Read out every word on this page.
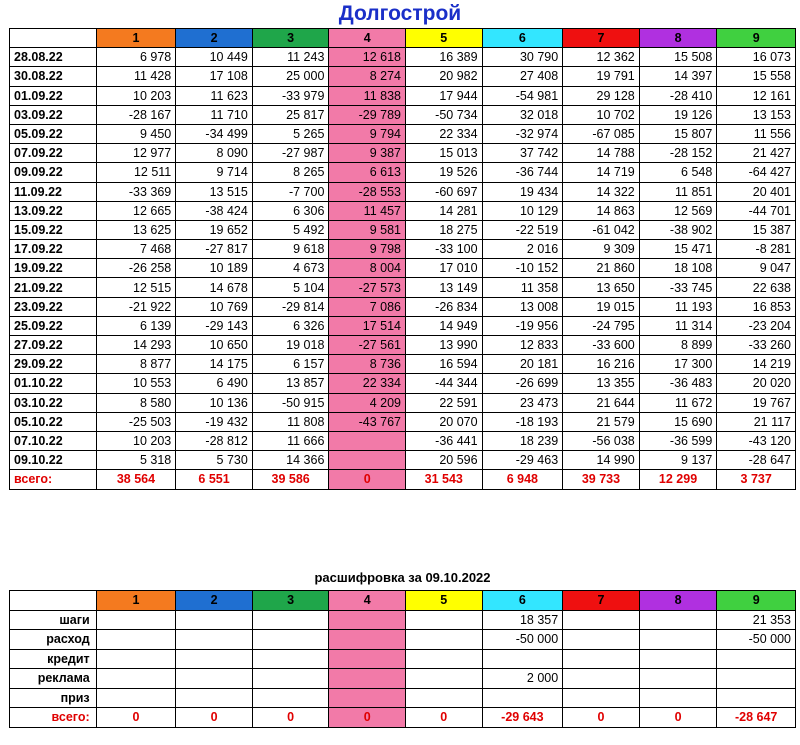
Долгострой
	1	2	3	4	5	6	7	8	9
28.08.22	6 978	10 449	11 243	12 618	16 389	30 790	12 362	15 508	16 073
30.08.22	11 428	17 108	25 000	8 274	20 982	27 408	19 791	14 397	15 558
01.09.22	10 203	11 623	-33 979	11 838	17 944	-54 981	29 128	-28 410	12 161
03.09.22	-28 167	11 710	25 817	-29 789	-50 734	32 018	10 702	19 126	13 153
05.09.22	9 450	-34 499	5 265	9 794	22 334	-32 974	-67 085	15 807	11 556
07.09.22	12 977	8 090	-27 987	9 387	15 013	37 742	14 788	-28 152	21 427
09.09.22	12 511	9 714	8 265	6 613	19 526	-36 744	14 719	6 548	-64 427
11.09.22	-33 369	13 515	-7 700	-28 553	-60 697	19 434	14 322	11 851	20 401
13.09.22	12 665	-38 424	6 306	11 457	14 281	10 129	14 863	12 569	-44 701
15.09.22	13 625	19 652	5 492	9 581	18 275	-22 519	-61 042	-38 902	15 387
17.09.22	7 468	-27 817	9 618	9 798	-33 100	2 016	9 309	15 471	-8 281
19.09.22	-26 258	10 189	4 673	8 004	17 010	-10 152	21 860	18 108	9 047
21.09.22	12 515	14 678	5 104	-27 573	13 149	11 358	13 650	-33 745	22 638
23.09.22	-21 922	10 769	-29 814	7 086	-26 834	13 008	19 015	11 193	16 853
25.09.22	6 139	-29 143	6 326	17 514	14 949	-19 956	-24 795	11 314	-23 204
27.09.22	14 293	10 650	19 018	-27 561	13 990	12 833	-33 600	8 899	-33 260
29.09.22	8 877	14 175	6 157	8 736	16 594	20 181	16 216	17 300	14 219
01.10.22	10 553	6 490	13 857	22 334	-44 344	-26 699	13 355	-36 483	20 020
03.10.22	8 580	10 136	-50 915	4 209	22 591	23 473	21 644	11 672	19 767
05.10.22	-25 503	-19 432	11 808	-43 767	20 070	-18 193	21 579	15 690	21 117
07.10.22	10 203	-28 812	11 666		-36 441	18 239	-56 038	-36 599	-43 120
09.10.22	5 318	5 730	14 366		20 596	-29 463	14 990	9 137	-28 647
всего:	38 564	6 551	39 586	0	31 543	6 948	39 733	12 299	3 737
расшифровка за 09.10.2022
	1	2	3	4	5	6	7	8	9
шаги						18 357			21 353
расход						-50 000			-50 000
кредит									
реклама						2 000			
приз									
всего:	0	0	0	0	0	-29 643	0	0	-28 647
